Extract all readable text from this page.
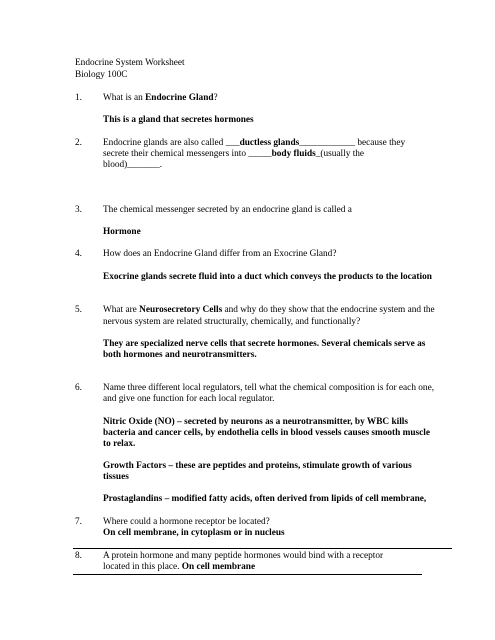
Endocrine System Worksheet
Biology 100C
1. What is an Endocrine Gland?
This is a gland that secretes hormones
2. Endocrine glands are also called ___ductless glands____________ because they
secrete their chemical messengers into _____body fluids_(usually the
blood)_______.
3. The chemical messenger secreted by an endocrine gland is called a
Hormone
4. How does an Endocrine Gland differ from an Exocrine Gland?
Exocrine glands secrete fluid into a duct which conveys the products to the location
5. What are Neurosecretory Cells and why do they show that the endocrine system and the
nervous system are related structurally, chemically, and functionally?
They are specialized nerve cells that secrete hormones. Several chemicals serve as
both hormones and neurotransmitters.
6. Name three different local regulators, tell what the chemical composition is for each one,
and give one function for each local regulator.
Nitric Oxide (NO) – secreted by neurons as a neurotransmitter, by WBC kills
bacteria and cancer cells, by endothelia cells in blood vessels causes smooth muscle
to relax.
Growth Factors – these are peptides and proteins, stimulate growth of various
tissues
Prostaglandins – modified fatty acids, often derived from lipids of cell membrane,
7. Where could a hormone receptor be located?
On cell membrane, in cytoplasm or in nucleus
8. A protein hormone and many peptide hormones would bind with a receptor
located in this place. On cell membrane
